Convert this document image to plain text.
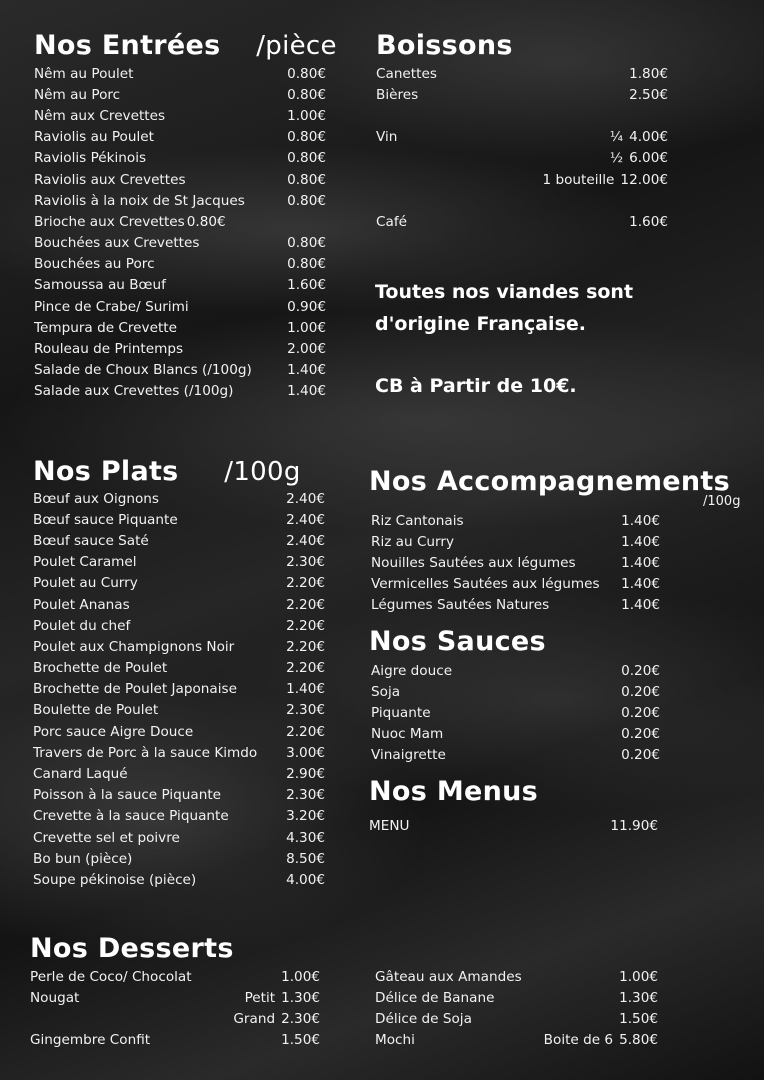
Nos Entrées /pièce
Nêm au Poulet	0.80€
Nêm au Porc	0.80€
Nêm aux Crevettes	1.00€
Raviolis au Poulet	0.80€
Raviolis Pékinois	0.80€
Raviolis aux Crevettes	0.80€
Raviolis à la noix de St Jacques	0.80€
Brioche aux Crevettes 0.80€
Bouchées aux Crevettes	0.80€
Bouchées au Porc	0.80€
Samoussa au Bœuf	1.60€
Pince de Crabe/ Surimi	0.90€
Tempura de Crevette	1.00€
Rouleau de Printemps	2.00€
Salade de Choux Blancs (/100g)	1.40€
Salade aux Crevettes (/100g)	1.40€
Boissons
Canettes	1.80€
Bières	2.50€
Vin	¼ 4.00€
½ 6.00€
1 bouteille 12.00€
Café	1.60€
Toutes nos viandes sont
d'origine Française.
CB à Partir de 10€.
Nos Plats /100g
Bœuf aux Oignons	2.40€
Bœuf sauce Piquante	2.40€
Bœuf sauce Saté	2.40€
Poulet Caramel	2.30€
Poulet au Curry	2.20€
Poulet Ananas	2.20€
Poulet du chef	2.20€
Poulet aux Champignons Noir	2.20€
Brochette de Poulet	2.20€
Brochette de Poulet Japonaise	1.40€
Boulette de Poulet	2.30€
Porc sauce Aigre Douce	2.20€
Travers de Porc à la sauce Kimdo	3.00€
Canard Laqué	2.90€
Poisson à la sauce Piquante	2.30€
Crevette à la sauce Piquante	3.20€
Crevette sel et poivre	4.30€
Bo bun (pièce)	8.50€
Soupe pékinoise (pièce)	4.00€
Nos Accompagnements
/100g
Riz Cantonais	1.40€
Riz au Curry	1.40€
Nouilles Sautées aux légumes	1.40€
Vermicelles Sautées aux légumes	1.40€
Légumes Sautées Natures	1.40€
Nos Sauces
Aigre douce	0.20€
Soja	0.20€
Piquante	0.20€
Nuoc Mam	0.20€
Vinaigrette	0.20€
Nos Menus
MENU	11.90€
Nos Desserts
Perle de Coco/ Chocolat	1.00€
Nougat	Petit 1.30€
Grand 2.30€
Gingembre Confit	1.50€
Gâteau aux Amandes	1.00€
Délice de Banane	1.30€
Délice de Soja	1.50€
Mochi	Boite de 6 5.80€
